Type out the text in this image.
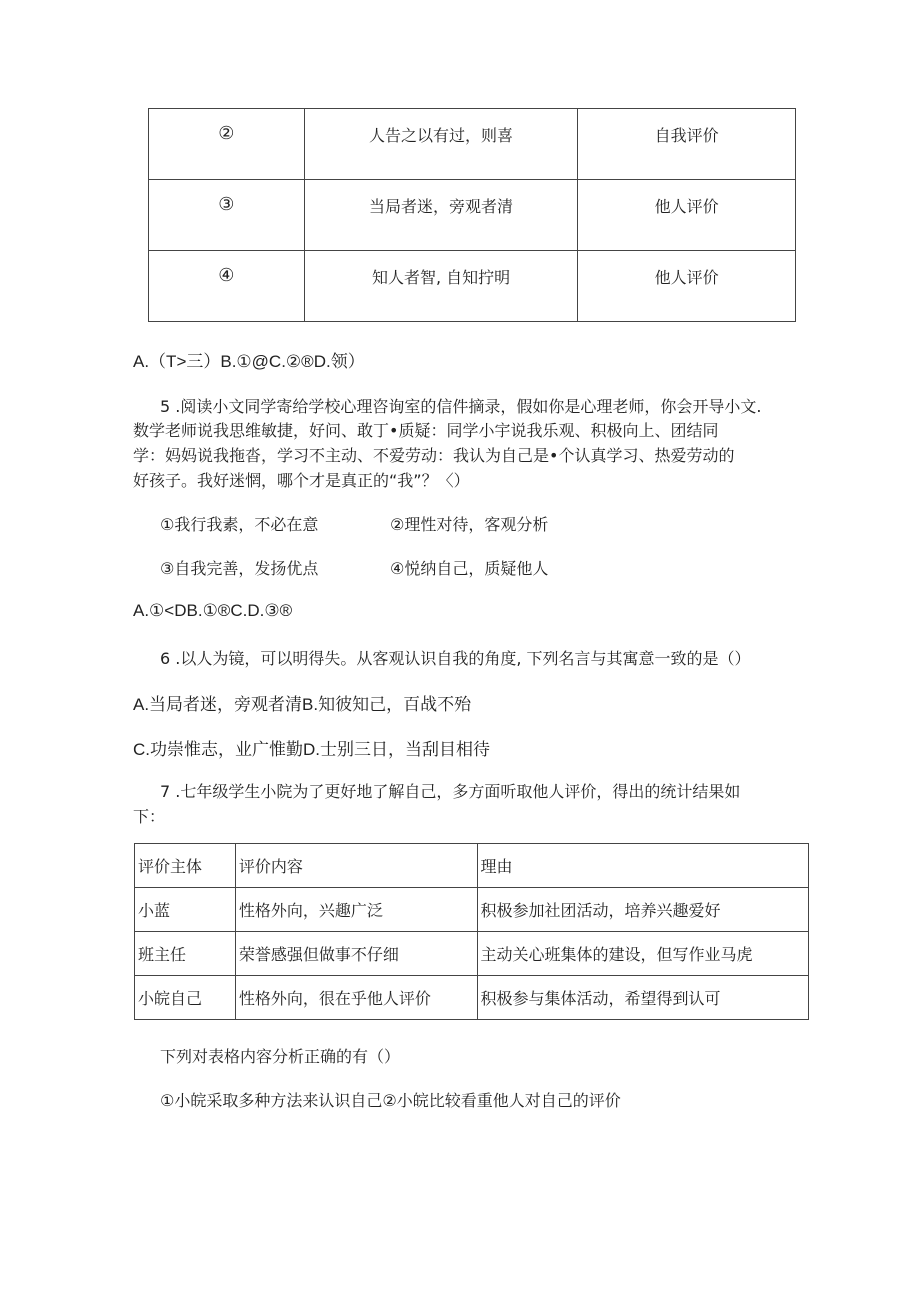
②	人告之以有过，则喜	自我评价
③	当局者迷，旁观者清	他人评价
④	知人者智, 自知拧明	他人评价
A.（T>三）B.①@C.②®D.领）
5 .阅读小文同学寄给学校心理咨询室的信件摘录，假如你是心理老师，你会开导小文.
数学老师说我思维敏捷，好问、敢丁•质疑：同学小宇说我乐观、积极向上、团结同
学：妈妈说我拖沓，学习不主动、不爱劳动：我认为自己是•个认真学习、热爱劳动的
好孩子。我好迷惘，哪个才是真正的“我”？〈）
①我行我素，不必在意	②理性对待，客观分析
③自我完善，发扬优点	④悦纳自己，质疑他人
A.①<DB.①®C.D.③®
6 .以人为镜，可以明得失。从客观认识自我的角度, 下列名言与其寓意一致的是（）
A.当局者迷，旁观者清B.知彼知己，百战不殆
C.功崇惟志，业广惟勤D.士别三日，当刮目相待
7 .七年级学生小院为了更好地了解自己，多方面听取他人评价，得出的统计结果如
下：
评价主体	评价内容	理由
小蓝	性格外向，兴趣广泛	积极参加社团活动，培养兴趣爱好
班主任	荣誉感强但做事不仔细	主动关心班集体的建设，但写作业马虎
小皖自己	性格外向，很在乎他人评价	积极参与集体活动，希望得到认可
下列对表格内容分析正确的有（）
①小皖采取多种方法来认识自己②小皖比较看重他人对自己的评价
